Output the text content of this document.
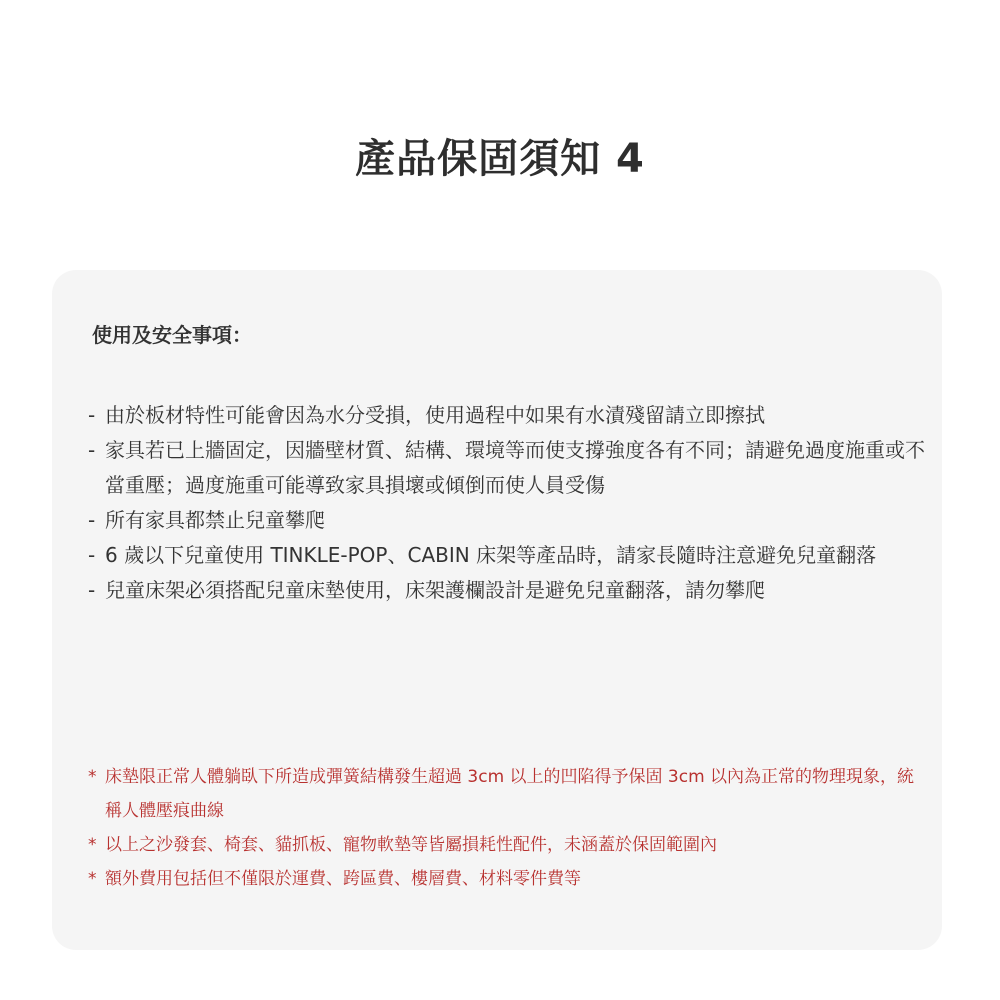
產品保固須知 4
使用及安全事項：
- 由於板材特性可能會因為水分受損，使用過程中如果有水漬殘留請立即擦拭
- 家具若已上牆固定，因牆壁材質、結構、環境等而使支撐強度各有不同；請避免過度施重或不當重壓；過度施重可能導致家具損壞或傾倒而使人員受傷
- 所有家具都禁止兒童攀爬
- 6 歲以下兒童使用 TINKLE-POP、CABIN 床架等產品時，請家長隨時注意避免兒童翻落
- 兒童床架必須搭配兒童床墊使用，床架護欄設計是避免兒童翻落，請勿攀爬
* 床墊限正常人體躺臥下所造成彈簧結構發生超過 3cm 以上的凹陷得予保固 3cm 以內為正常的物理現象，統稱人體壓痕曲線
* 以上之沙發套、椅套、貓抓板、寵物軟墊等皆屬損耗性配件，未涵蓋於保固範圍內
* 額外費用包括但不僅限於運費、跨區費、樓層費、材料零件費等
